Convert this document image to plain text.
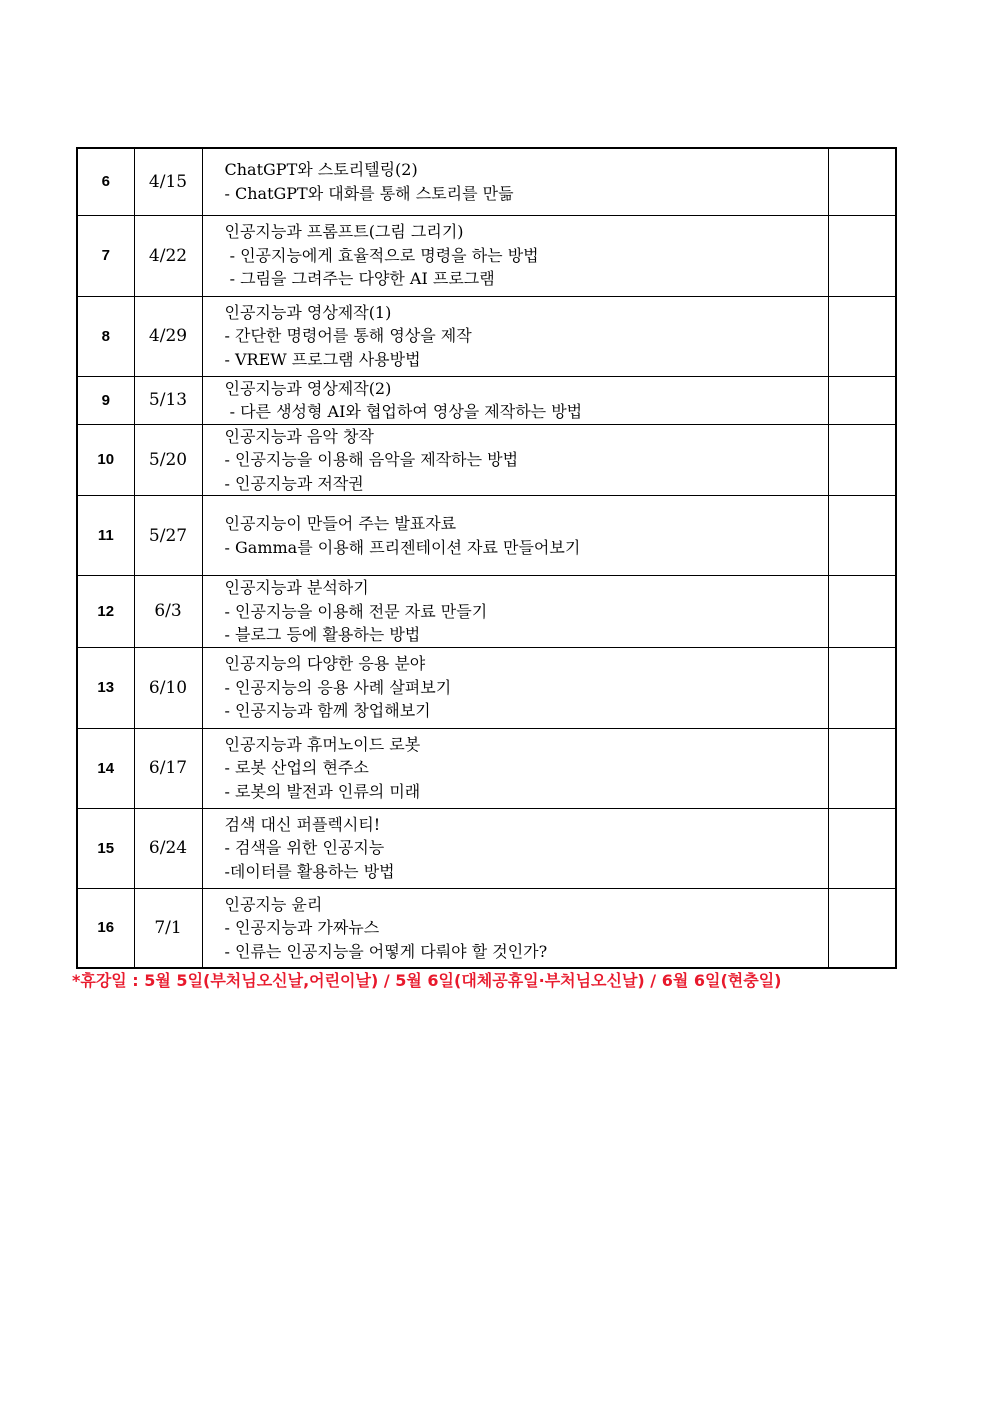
6	4/15	ChatGPT와 스토리텔링(2)
- ChatGPT와 대화를 통해 스토리를 만듦	

7	4/22	인공지능과 프롬프트(그림 그리기)
- 인공지능에게 효율적으로 명령을 하는 방법
- 그림을 그려주는 다양한 AI 프로그램	

8	4/29	인공지능과 영상제작(1)
- 간단한 명령어를 통해 영상을 제작
- VREW 프로그램 사용방법	

9	5/13	인공지능과 영상제작(2)
- 다른 생성형 AI와 협업하여 영상을 제작하는 방법	

10	5/20	인공지능과 음악 창작
- 인공지능을 이용해 음악을 제작하는 방법
- 인공지능과 저작권	

11	5/27	인공지능이 만들어 주는 발표자료
- Gamma를 이용해 프리젠테이션 자료 만들어보기	

12	6/3	인공지능과 분석하기
- 인공지능을 이용해 전문 자료 만들기
- 블로그 등에 활용하는 방법	

13	6/10	인공지능의 다양한 응용 분야
- 인공지능의 응용 사례 살펴보기
- 인공지능과 함께 창업해보기	

14	6/17	인공지능과 휴머노이드 로봇
- 로봇 산업의 현주소
- 로봇의 발전과 인류의 미래	

15	6/24	검색 대신 퍼플렉시티!
- 검색을 위한 인공지능
-데이터를 활용하는 방법	

16	7/1	인공지능 윤리
- 인공지능과 가짜뉴스
- 인류는 인공지능을 어떻게 다뤄야 할 것인가?	

*휴강일 : 5월 5일(부처님오신날,어린이날) / 5월 6일(대체공휴일·부처님오신날) / 6월 6일(현충일)
